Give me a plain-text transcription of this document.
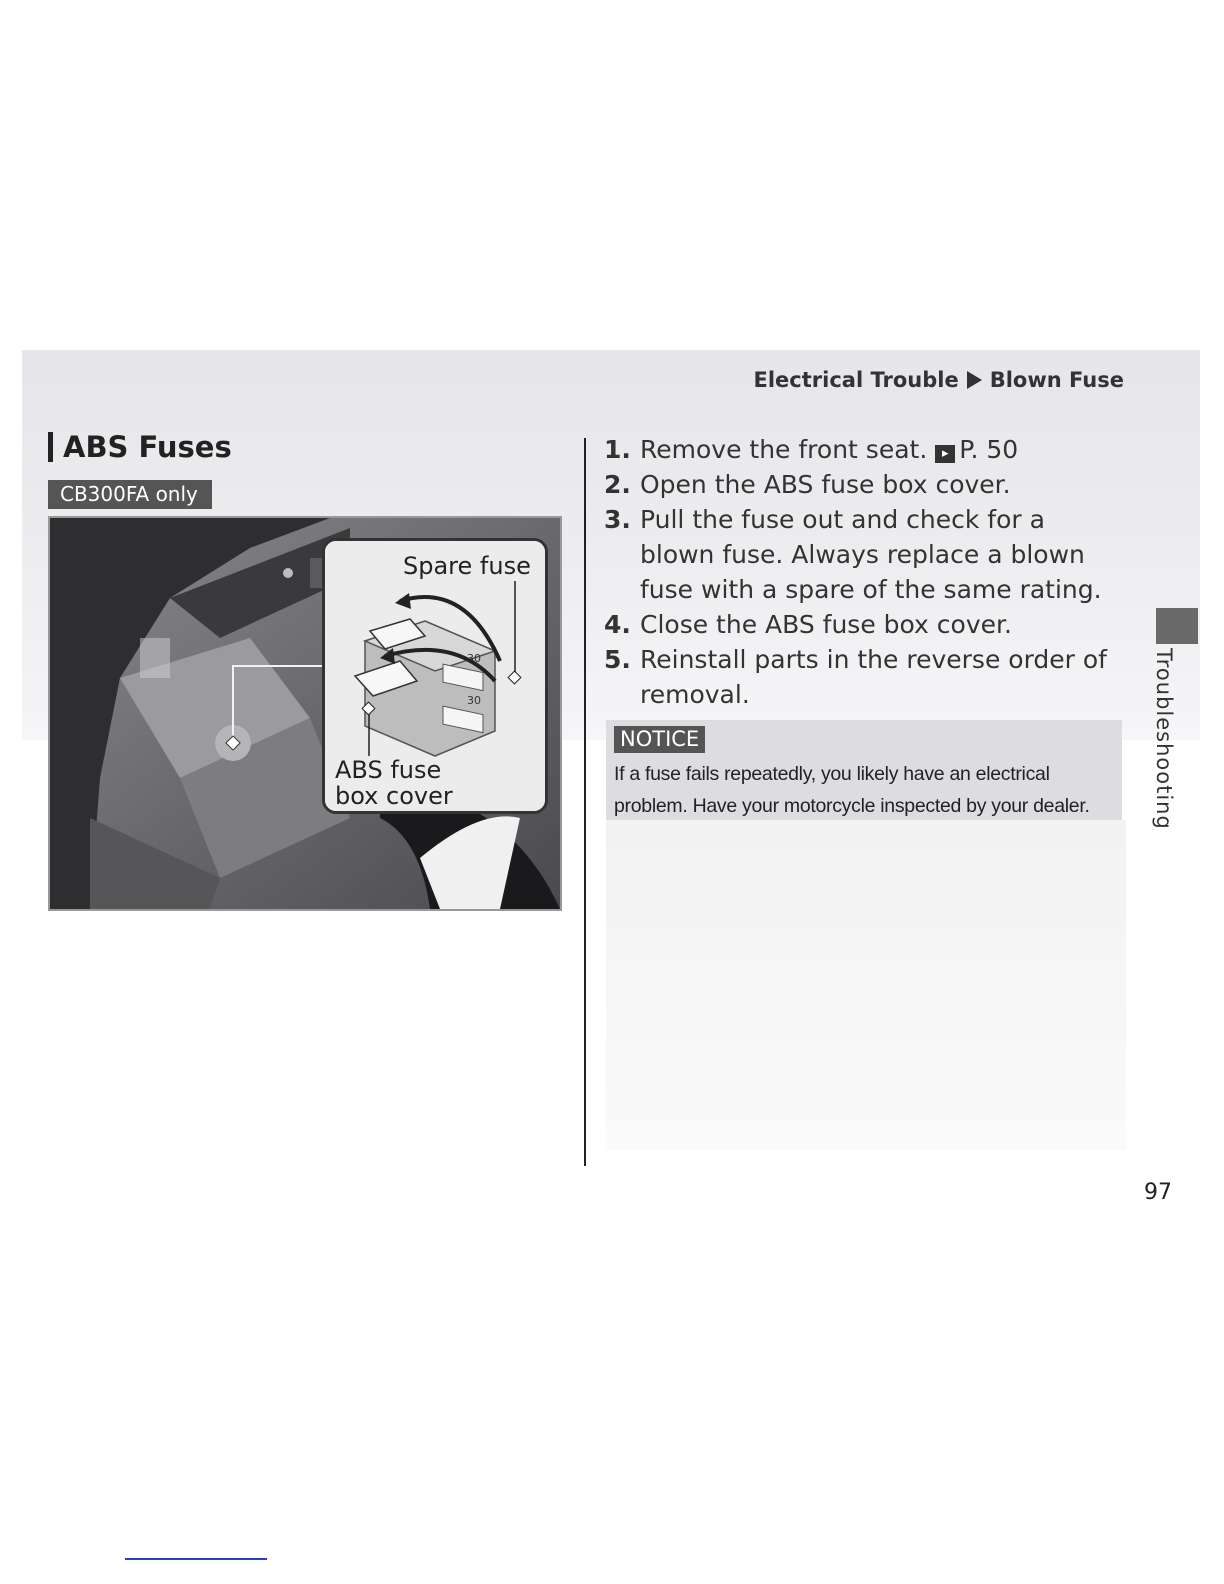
Electrical Trouble Blown Fuse
ABS Fuses
CB300FA only
30
30
Spare fuse
ABS fuse
box cover
1. Remove the front seat. ▸ P. 50
2. Open the ABS fuse box cover.
3. Pull the fuse out and check for a blown fuse. Always replace a blown fuse with a spare of the same rating.
4. Close the ABS fuse box cover.
5. Reinstall parts in the reverse order of removal.
NOTICE
If a fuse fails repeatedly, you likely have an electrical problem. Have your motorcycle inspected by your dealer.	Troubleshooting
97
